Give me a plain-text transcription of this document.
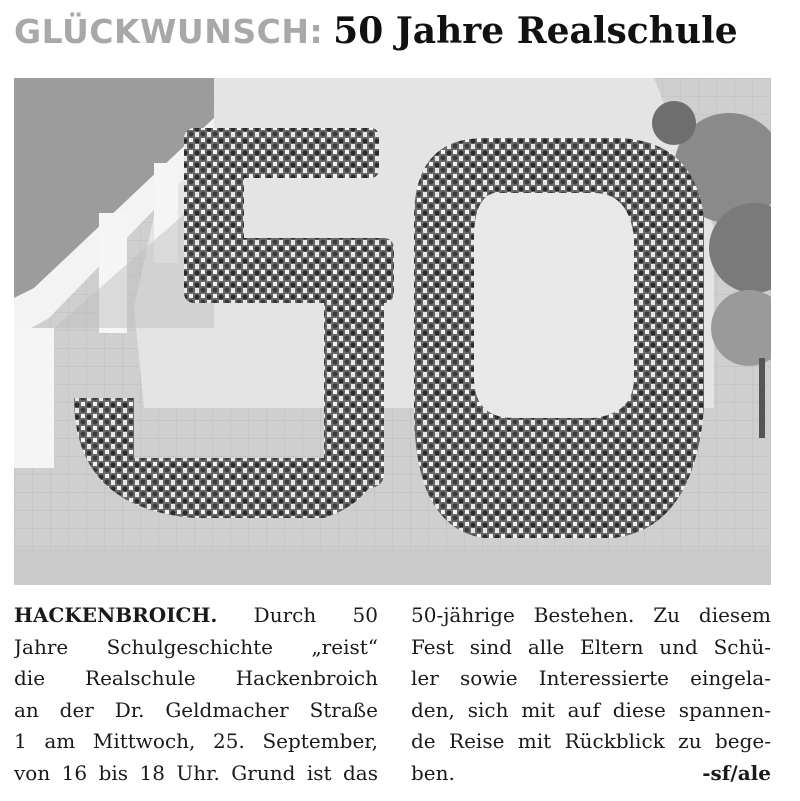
GLÜCKWUNSCH: 50 Jahre Realschule
HACKENBROICH. Durch 50
Jahre Schulgeschichte „reist“
die Realschule Hackenbroich
an der Dr. Geldmacher Straße
1 am Mittwoch, 25. September,
von 16 bis 18 Uhr. Grund ist das
50-jährige Bestehen. Zu diesem
Fest sind alle Eltern und Schü-
ler sowie Interessierte eingela-
den, sich mit auf diese spannen-
de Reise mit Rückblick zu bege-
ben.	-sf/ale
